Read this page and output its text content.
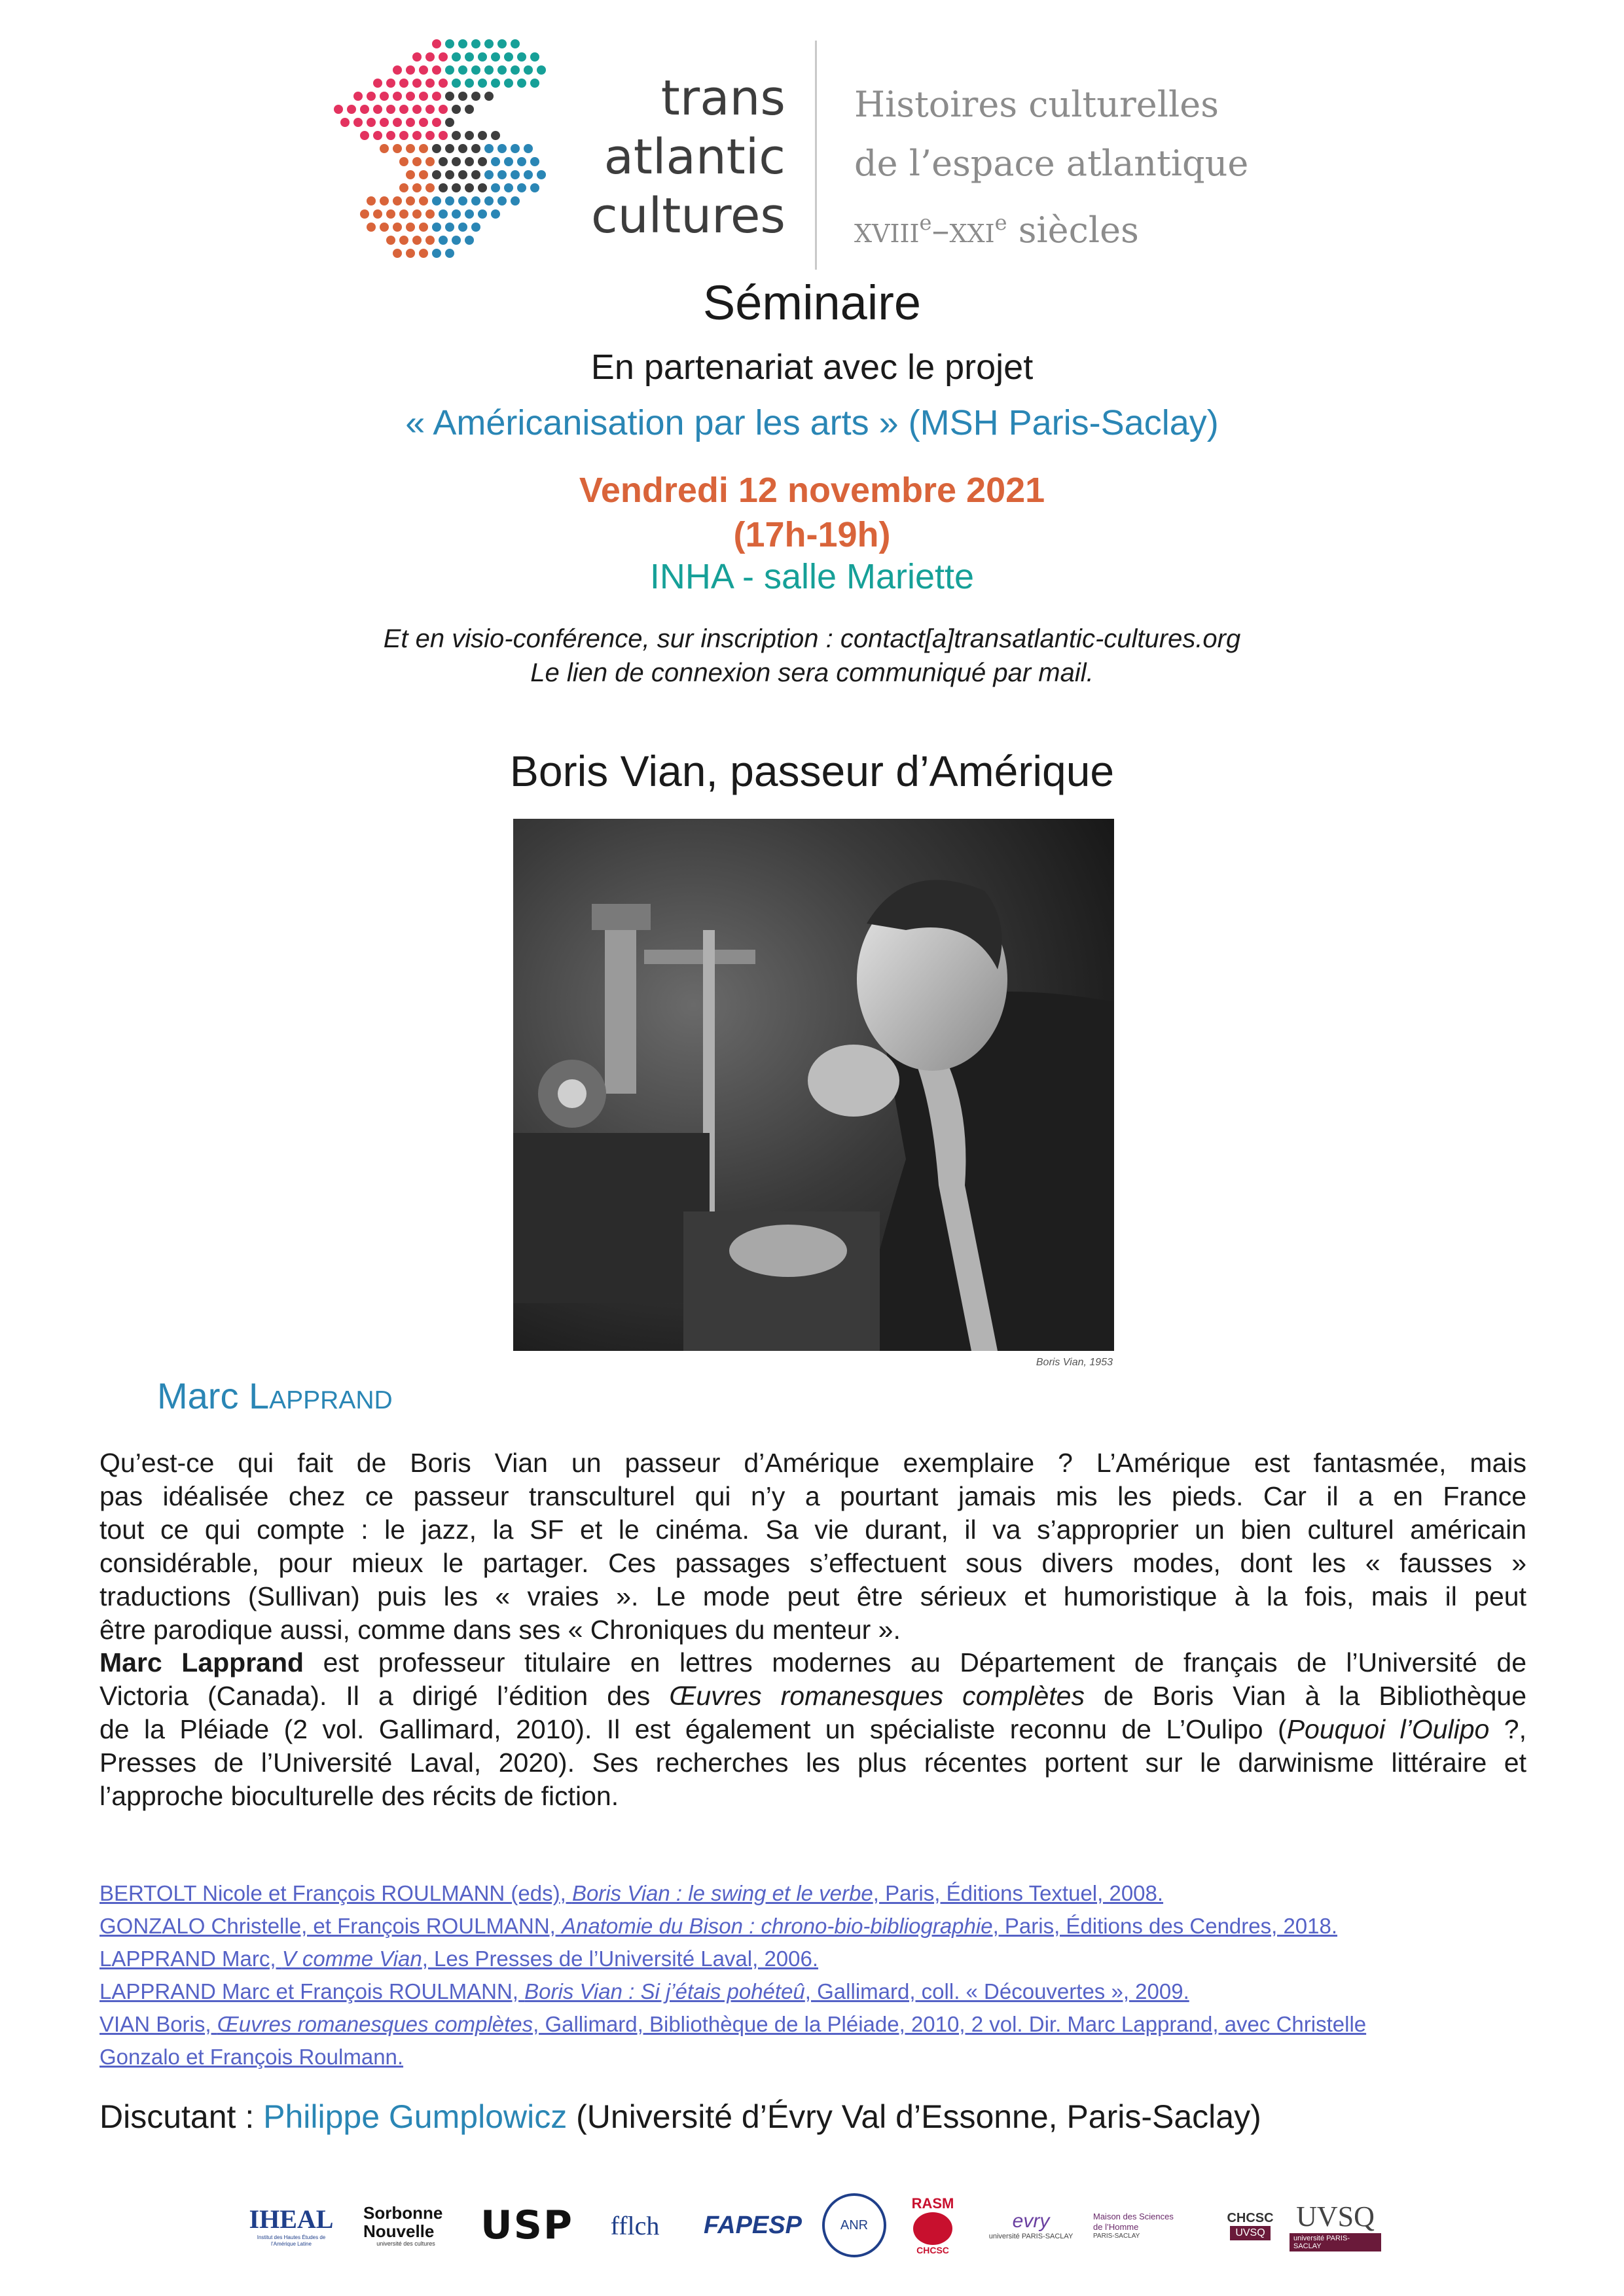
trans
atlantic
cultures
Histoires culturelles
de l’espace atlantique
xviii$^e$–xxi$^e$ siècles
Séminaire
En partenariat avec le projet
« Américanisation par les arts » (MSH Paris-Saclay)
Vendredi 12 novembre 2021
(17h-19h)
INHA - salle Mariette
Et en visio-conférence, sur inscription : contact[a]transatlantic-cultures.org
Le lien de connexion sera communiqué par mail.
Boris Vian, passeur d’Amérique
Boris Vian, 1953
Marc Lapprand
Qu’est-ce qui fait de Boris Vian un passeur d’Amérique exemplaire ? L’Amérique est fantasmée, mais
pas idéalisée chez ce passeur transculturel qui n’y a pourtant jamais mis les pieds. Car il a en France
tout ce qui compte : le jazz, la SF et le cinéma. Sa vie durant, il va s’approprier un bien culturel américain
considérable, pour mieux le partager. Ces passages s’effectuent sous divers modes, dont les « fausses »
traductions (Sullivan) puis les « vraies ». Le mode peut être sérieux et humoristique à la fois, mais il peut
être parodique aussi, comme dans ses « Chroniques du menteur ».
Marc Lapprand est professeur titulaire en lettres modernes au Département de français de l’Université de
Victoria (Canada). Il a dirigé l’édition des Œuvres romanesques complètes de Boris Vian à la Bibliothèque
de la Pléiade (2 vol. Gallimard, 2010). Il est également un spécialiste reconnu de L’Oulipo (Pouquoi l’Oulipo ?,
Presses de l’Université Laval, 2020). Ses recherches les plus récentes portent sur le darwinisme littéraire et
l’approche bioculturelle des récits de fiction.
BERTOLT Nicole et François ROULMANN (eds), Boris Vian : le swing et le verbe, Paris, Éditions Textuel, 2008.
GONZALO Christelle, et François ROULMANN, Anatomie du Bison : chrono-bio-bibliographie, Paris, Éditions des Cendres, 2018.
LAPPRAND Marc, V comme Vian, Les Presses de l’Université Laval, 2006.
LAPPRAND Marc et François ROULMANN, Boris Vian : Si j’étais pohéteû, Gallimard, coll. « Découvertes », 2009.
VIAN Boris, Œuvres romanesques complètes, Gallimard, Bibliothèque de la Pléiade, 2010, 2 vol. Dir. Marc Lapprand, avec Christelle
Gonzalo et François Roulmann.
Discutant : Philippe Gumplowicz (Université d’Évry Val d’Essonne, Paris-Saclay)
IHEAL
Institut des Hautes Études de l’Amérique Latine
Sorbonne Nouvelle
université des cultures USP fflch FAPESP	ANR
RASM
CHCSC
evry
université PARIS-SACLAY
Maison des Sciences de l’Homme
PARIS-SACLAY
CHCSC
UVSQ
UVSQ
université PARIS-SACLAY
